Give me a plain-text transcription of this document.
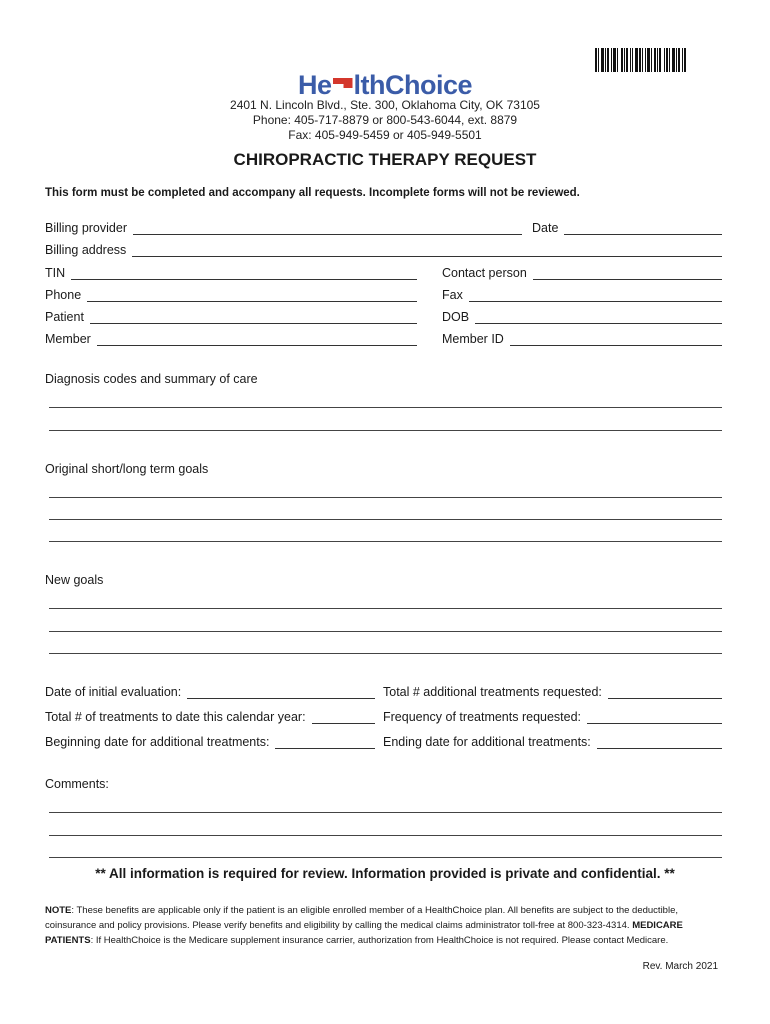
He lthChoice
2401 N. Lincoln Blvd., Ste. 300, Oklahoma City, OK 73105
Phone: 405-717-8879 or 800-543-6044, ext. 8879
Fax: 405-949-5459 or 405-949-5501
CHIROPRACTIC THERAPY REQUEST
This form must be completed and accompany all requests. Incomplete forms will not be reviewed.
Billing provider	Date
Billing address
TIN	Contact person
Phone	Fax
Patient	DOB
Member	Member ID
Diagnosis codes and summary of care
Original short/long term goals
New goals
Date of initial evaluation:	Total # additional treatments requested:
Total # of treatments to date this calendar year:	Frequency of treatments requested:
Beginning date for additional treatments:	Ending date for additional treatments:
Comments:
** All information is required for review. Information provided is private and confidential. **
NOTE: These benefits are applicable only if the patient is an eligible enrolled member of a HealthChoice plan. All benefits are subject to the deductible, coinsurance and policy provisions. Please verify benefits and eligibility by calling the medical claims administrator toll-free at 800-323-4314. MEDICARE PATIENTS: If HealthChoice is the Medicare supplement insurance carrier, authorization from HealthChoice is not required. Please contact Medicare.
Rev. March 2021
